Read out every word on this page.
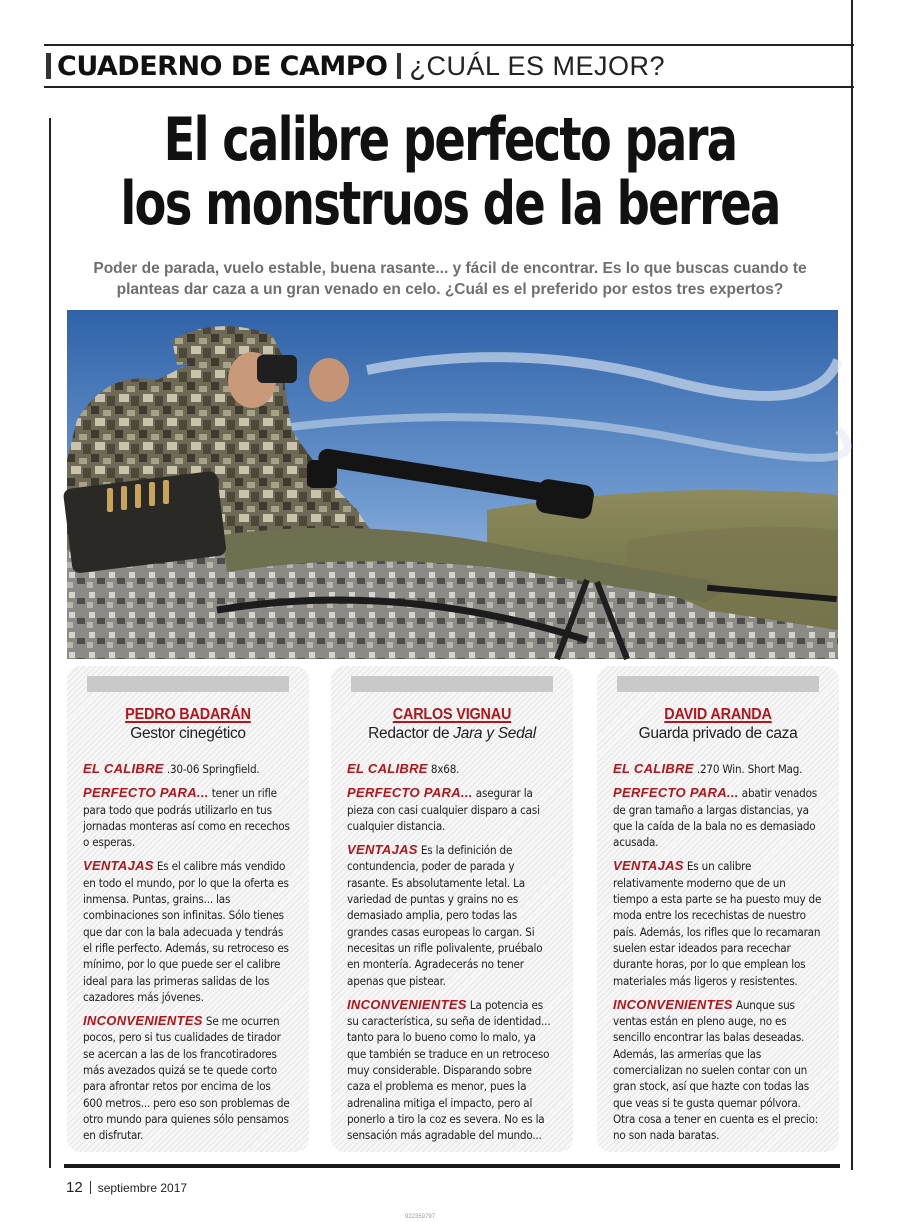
CUADERNO DE CAMPO ¿CUÁL ES MEJOR?
El calibre perfecto para
los monstruos de la berrea

Poder de parada, vuelo estable, buena rasante... y fácil de encontrar. Es lo que buscas cuando te planteas dar caza a un gran venado en celo. ¿Cuál es el preferido por estos tres expertos?

PEDRO BADARÁN
Gestor cinegético

EL CALIBRE .30-06 Springfield.

PERFECTO PARA... tener un rifle para todo que podrás utilizarlo en tus jornadas monteras así como en recechos o esperas.

VENTAJAS Es el calibre más vendido en todo el mundo, por lo que la oferta es inmensa. Puntas, grains... las combinaciones son infinitas. Sólo tienes que dar con la bala adecuada y tendrás el rifle perfecto. Además, su retroceso es mínimo, por lo que puede ser el calibre ideal para las primeras salidas de los cazadores más jóvenes.

INCONVENIENTES Se me ocurren pocos, pero si tus cualidades de tirador se acercan a las de los francotiradores más avezados quizá se te quede corto para afrontar retos por encima de los 600 metros... pero eso son problemas de otro mundo para quienes sólo pensamos en disfrutar.

CARLOS VIGNAU
Redactor de Jara y Sedal

EL CALIBRE 8x68.

PERFECTO PARA... asegurar la pieza con casi cualquier disparo a casi cualquier distancia.

VENTAJAS Es la definición de contundencia, poder de parada y rasante. Es absolutamente letal. La variedad de puntas y grains no es demasiado amplia, pero todas las grandes casas europeas lo cargan. Si necesitas un rifle polivalente, pruébalo en montería. Agradecerás no tener apenas que pistear.

INCONVENIENTES La potencia es su característica, su seña de identidad... tanto para lo bueno como lo malo, ya que también se traduce en un retroceso muy considerable. Disparando sobre caza el problema es menor, pues la adrenalina mitiga el impacto, pero al ponerlo a tiro la coz es severa. No es la sensación más agradable del mundo...

DAVID ARANDA
Guarda privado de caza

EL CALIBRE .270 Win. Short Mag.

PERFECTO PARA... abatir venados de gran tamaño a largas distancias, ya que la caída de la bala no es demasiado acusada.

VENTAJAS Es un calibre relativamente moderno que de un tiempo a esta parte se ha puesto muy de moda entre los recechistas de nuestro país. Además, los rifles que lo recamaran suelen estar ideados para recechar durante horas, por lo que emplean los materiales más ligeros y resistentes.

INCONVENIENTES Aunque sus ventas están en pleno auge, no es sencillo encontrar las balas deseadas. Además, las armerías que las comercializan no suelen contar con un gran stock, así que hazte con todas las que veas si te gusta quemar pólvora. Otra cosa a tener en cuenta es el precio: no son nada baratas.

12 septiembre 2017
922359797
